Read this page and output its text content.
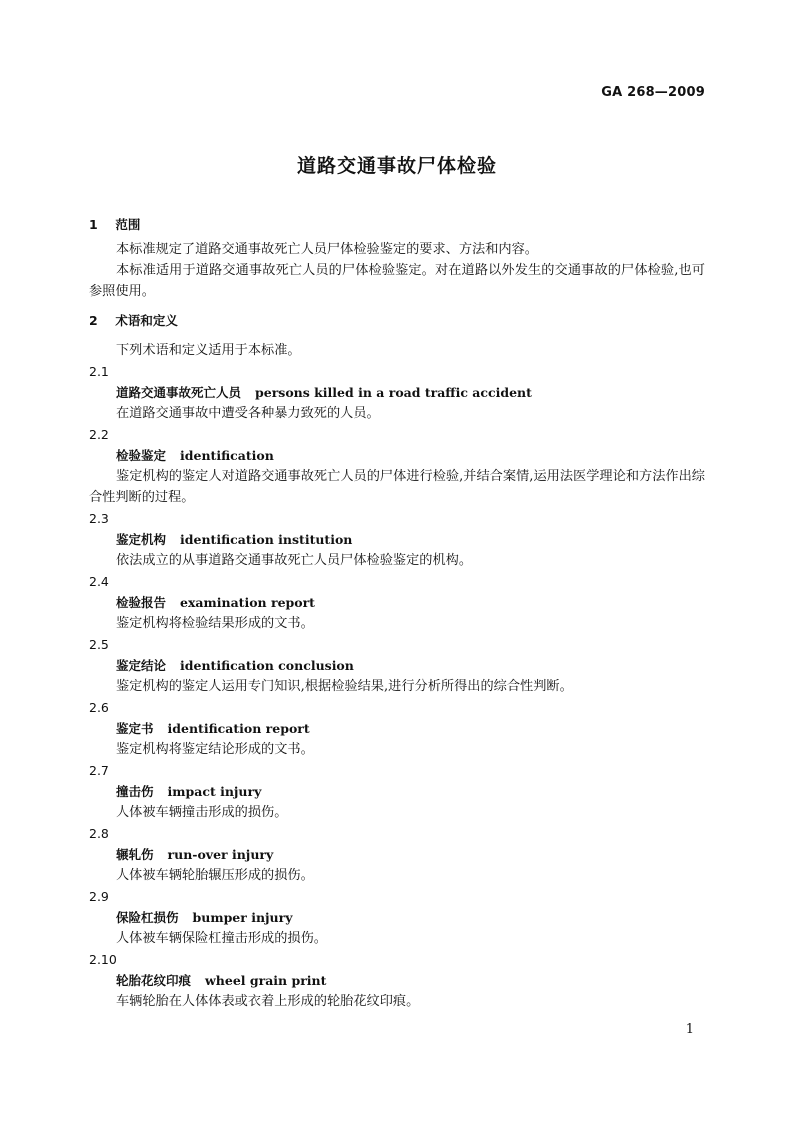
GA 268—2009
道路交通事故尸体检验
1 范围

本标准规定了道路交通事故死亡人员尸体检验鉴定的要求、方法和内容。

本标准适用于道路交通事故死亡人员的尸体检验鉴定。对在道路以外发生的交通事故的尸体检验,也可参照使用。

2 术语和定义

下列术语和定义适用于本标准。

2.1
道路交通事故死亡人员 persons killed in a road traffic accident

在道路交通事故中遭受各种暴力致死的人员。

2.2
检验鉴定 identification

鉴定机构的鉴定人对道路交通事故死亡人员的尸体进行检验,并结合案情,运用法医学理论和方法作出综合性判断的过程。

2.3
鉴定机构 identification institution

依法成立的从事道路交通事故死亡人员尸体检验鉴定的机构。

2.4
检验报告 examination report

鉴定机构将检验结果形成的文书。

2.5
鉴定结论 identification conclusion

鉴定机构的鉴定人运用专门知识,根据检验结果,进行分析所得出的综合性判断。

2.6
鉴定书 identification report

鉴定机构将鉴定结论形成的文书。

2.7
撞击伤 impact injury

人体被车辆撞击形成的损伤。

2.8
辗轧伤 run-over injury

人体被车辆轮胎辗压形成的损伤。

2.9
保险杠损伤 bumper injury

人体被车辆保险杠撞击形成的损伤。

2.10
轮胎花纹印痕 wheel grain print

车辆轮胎在人体体表或衣着上形成的轮胎花纹印痕。

1
